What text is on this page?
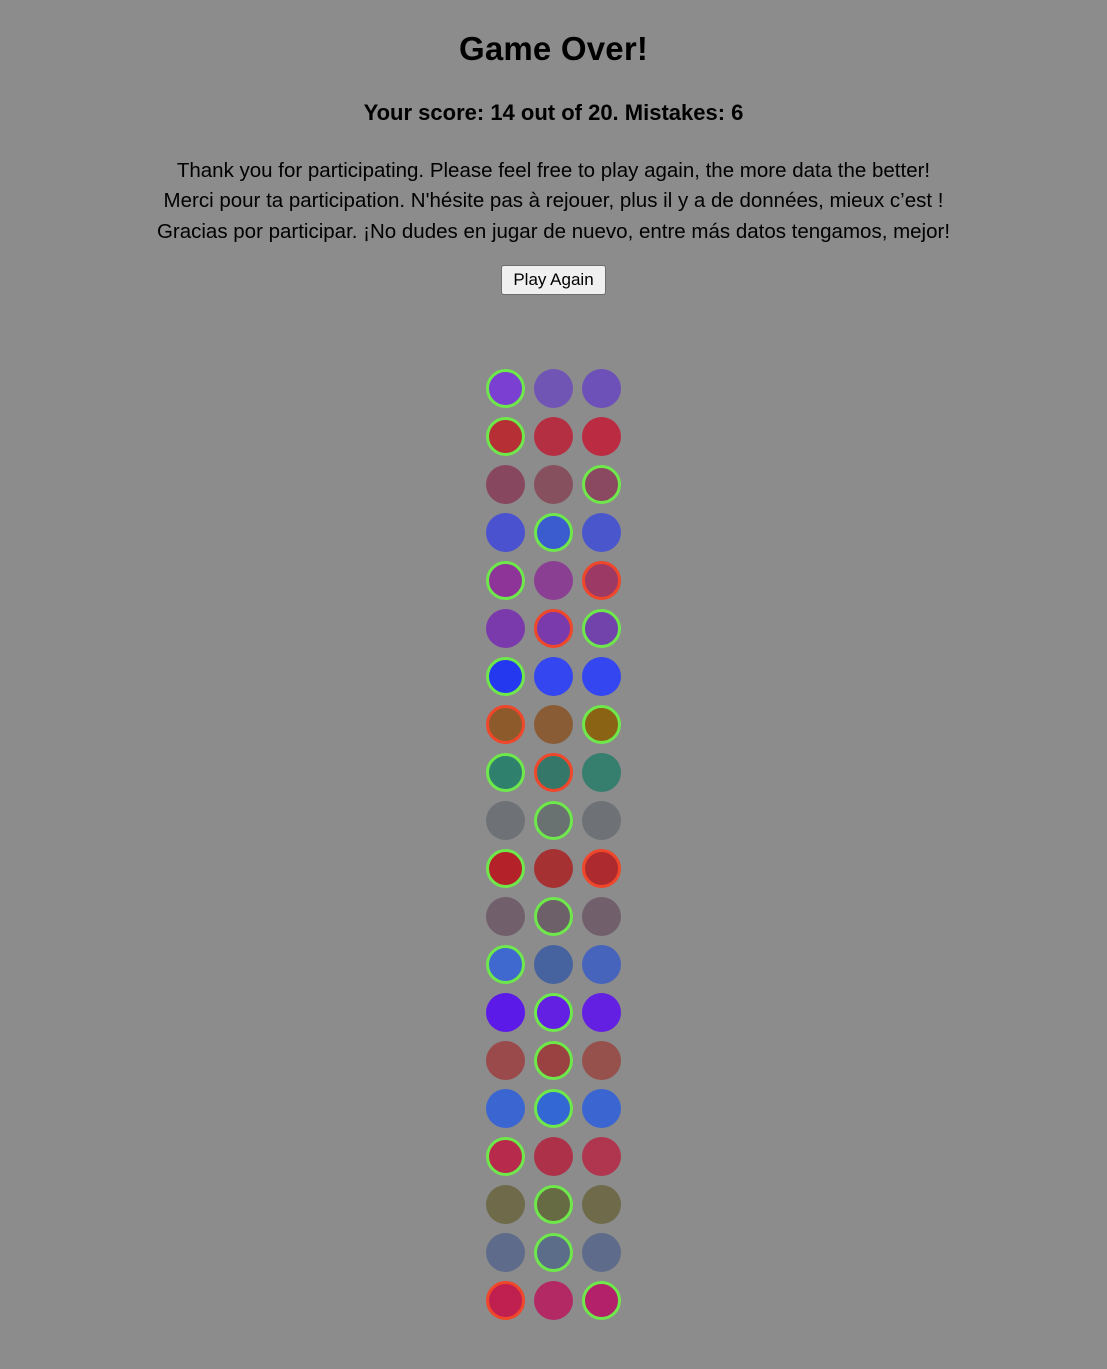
Game Over!
Your score: 14 out of 20. Mistakes: 6
Thank you for participating. Please feel free to play again, the more data the better!
Merci pour ta participation. N'hésite pas à rejouer, plus il y a de données, mieux c’est !
Gracias por participar. ¡No dudes en jugar de nuevo, entre más datos tengamos, mejor!
Play Again
